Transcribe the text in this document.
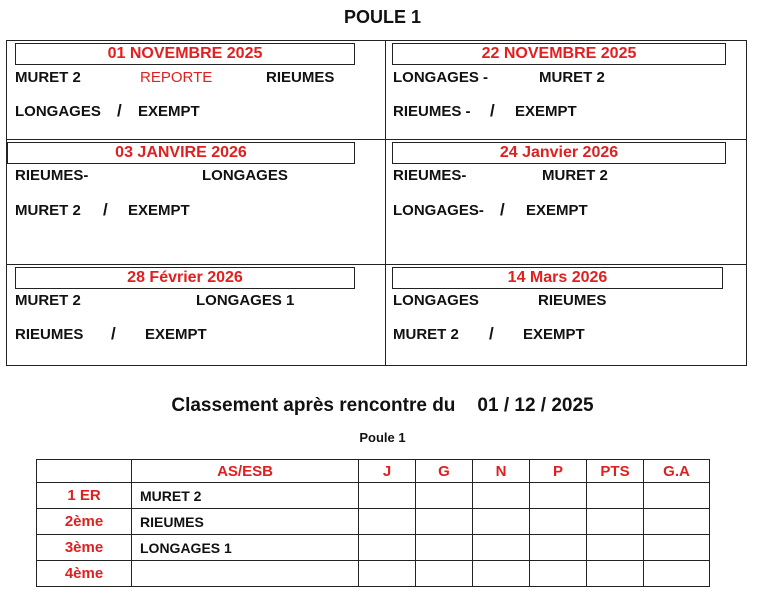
POULE 1
01 NOVEMBRE 2025
MURET 2	REPORTE	RIEUMES
LONGAGES / EXEMPT
22 NOVEMBRE 2025
LONGAGES -	MURET 2
RIEUMES - / EXEMPT
03 JANVIRE 2026
RIEUMES-	LONGAGES
MURET 2 / EXEMPT
24 Janvier 2026
RIEUMES-	MURET 2
LONGAGES- / EXEMPT
28 Février 2026
MURET 2	LONGAGES 1
RIEUMES / EXEMPT
14 Mars 2026
LONGAGES	RIEUMES
MURET 2 / EXEMPT
Classement après rencontre du 01 / 12 / 2025
Poule 1
	AS/ESB	J	G	N	P	PTS	G.A
1 ER	MURET 2						
2ème	RIEUMES						
3ème	LONGAGES 1						
4ème							
